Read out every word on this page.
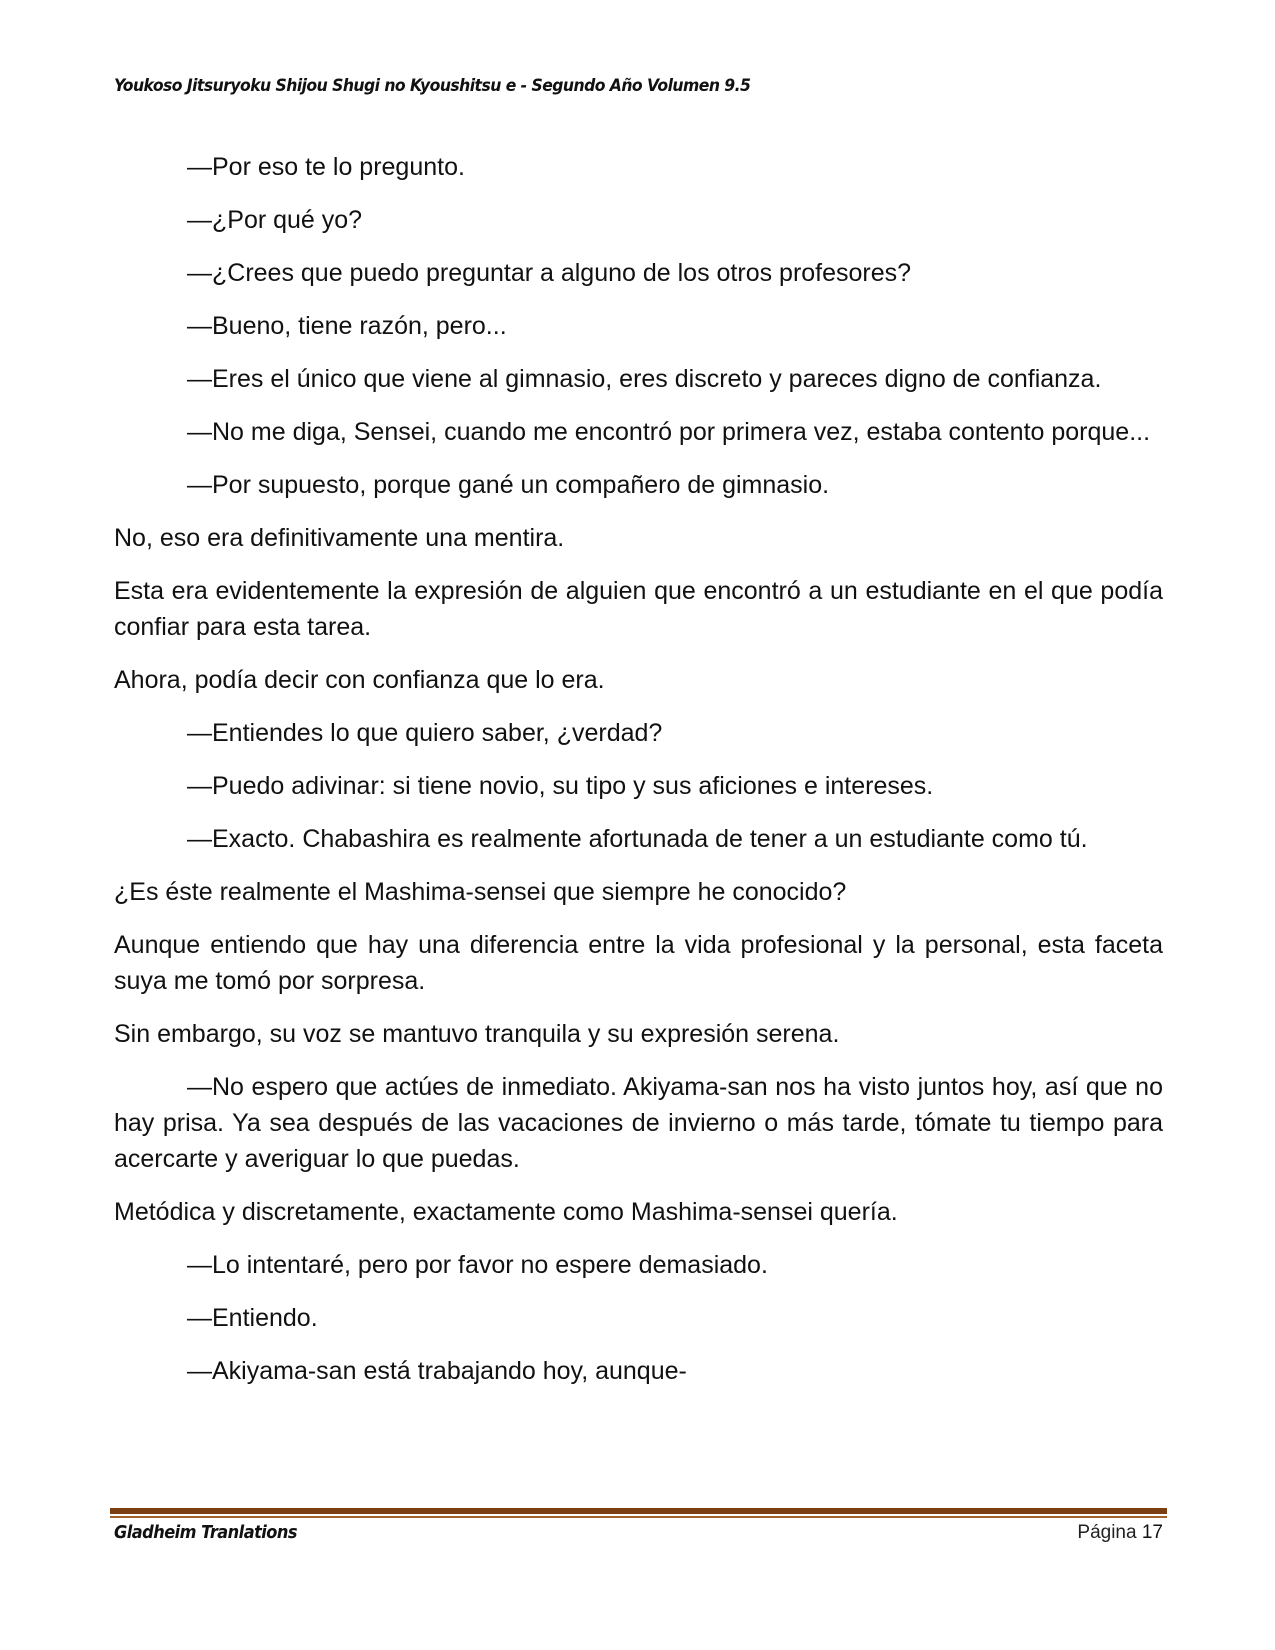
Youkoso Jitsuryoku Shijou Shugi no Kyoushitsu e - Segundo Año Volumen 9.5

—Por eso te lo pregunto.

—¿Por qué yo?

—¿Crees que puedo preguntar a alguno de los otros profesores?

—Bueno, tiene razón, pero...

—Eres el único que viene al gimnasio, eres discreto y pareces digno de confianza.

—No me diga, Sensei, cuando me encontró por primera vez, estaba contento porque...

—Por supuesto, porque gané un compañero de gimnasio.

No, eso era definitivamente una mentira.

Esta era evidentemente la expresión de alguien que encontró a un estudiante en el que podía confiar para esta tarea.

Ahora, podía decir con confianza que lo era.

—Entiendes lo que quiero saber, ¿verdad?

—Puedo adivinar: si tiene novio, su tipo y sus aficiones e intereses.

—Exacto. Chabashira es realmente afortunada de tener a un estudiante como tú.

¿Es éste realmente el Mashima-sensei que siempre he conocido?

Aunque entiendo que hay una diferencia entre la vida profesional y la personal, esta faceta suya me tomó por sorpresa.

Sin embargo, su voz se mantuvo tranquila y su expresión serena.

—No espero que actúes de inmediato. Akiyama-san nos ha visto juntos hoy, así que no hay prisa. Ya sea después de las vacaciones de invierno o más tarde, tómate tu tiempo para acercarte y averiguar lo que puedas.

Metódica y discretamente, exactamente como Mashima-sensei quería.

—Lo intentaré, pero por favor no espere demasiado.

—Entiendo.

—Akiyama-san está trabajando hoy, aunque-

Gladheim Tranlations	Página 17
